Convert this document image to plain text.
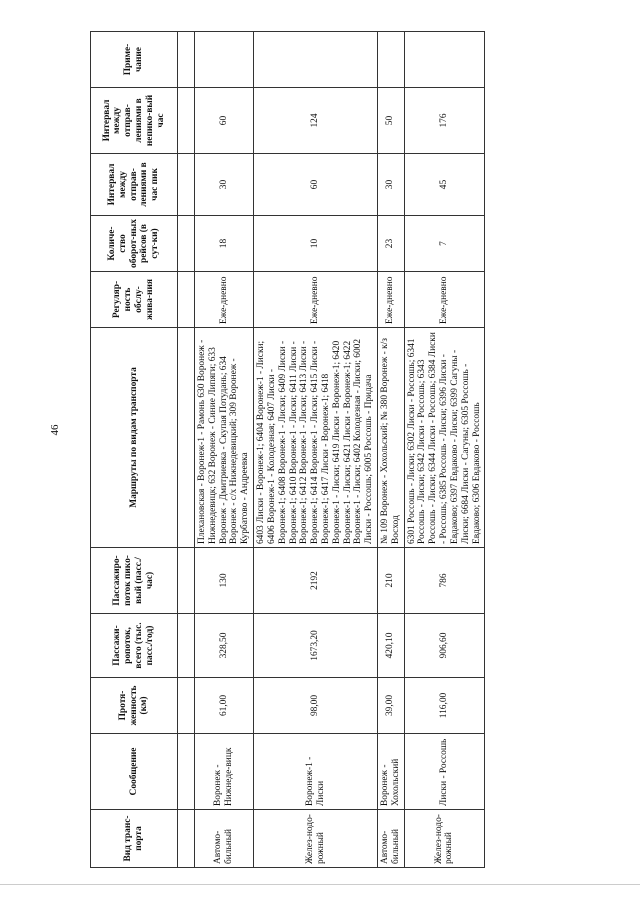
46
Вид транс-порта	Сообщение	Протя-женность (км)	Пассажи-ропоток, всего (тыс. пасс./год)	Пассажиро-поток пико-вый (пасс./час)	Маршруты по видам транспорта	Регуляр-ность обслу-жива-ния	Количе-ство оборот-ных рейсов (в сут-ки)	Интервал между отправ-лениями в час пик	Интервал между отправ-лениями в непико-вый час	Приме-чание

Автомо-бильный	Воронеж - Нижнеде-вицк	61,00	328,50	130	Плехановская - Воронеж-1 - Рамонь 630 Воронеж - Нижнедевицк; 632 Воронеж - Синие Липяги; 633 Воронеж - Дмитриевка - Скупая Потудань; 634 Воронеж - с/х Нижнедевицкий; 309 Воронеж - Курбатово - Андреевка	Еже-дневно	18	30	60	
Желез-нодо-рожный	Воронеж-1 - Лиски	98,00	1673,20	2192	6403 Лиски - Воронеж-1; 6404 Воронеж-1 - Лиски; 6406 Воронеж-1 - Колодезная; 6407 Лиски - Воронеж-1; 6408 Воронеж-1 - Лиски; 6409 Лиски - Воронеж-1; 6410 Воронеж-1 - Лиски; 6411 Лиски - Воронеж-1; 6412 Воронеж-1 - Лиски; 6413 Лиски - Воронеж-1; 6414 Воронеж-1 - Лиски; 6415 Лиски - Воронеж-1; 6417 Лиски - Воронеж-1; 6418 Воронеж-1 - Лиски; 6419 Лиски - Воронеж-1; 6420 Воронеж-1 - Лиски; 6421 Лиски - Воронеж-1; 6422 Воронеж-1 - Лиски; 6402 Колодезная - Лиски; 6002 Лиски - Россошь; 6005 Россошь - Придача	Еже-дневно	10	60	124	
Автомо-бильный	Воронеж - Хохольский	39,00	420,10	210	№ 109 Воронеж - Хохольский; № 380 Воронеж - к/з Восход	Еже-дневно	23	30	50	
Желез-нодо-рожный	Лиски - Россошь	116,00	906,60	786	6301 Россошь - Лиски; 6302 Лиски - Россошь; 6341 Россошь - Лиски; 6342 Лиски - Россошь; 6343 Россошь - Лиски; 6344 Лиски - Россошь; 6384 Лиски - Россошь; 6385 Россошь - Лиски; 6396 Лиски - Евдаково; 6397 Евдаково - Лиски; 6399 Сагуны - Лиски; 6684 Лиски - Сагуны; 6305 Россошь - Евдаково; 6306 Евдаково - Россошь	Еже-дневно	7	45	176	
